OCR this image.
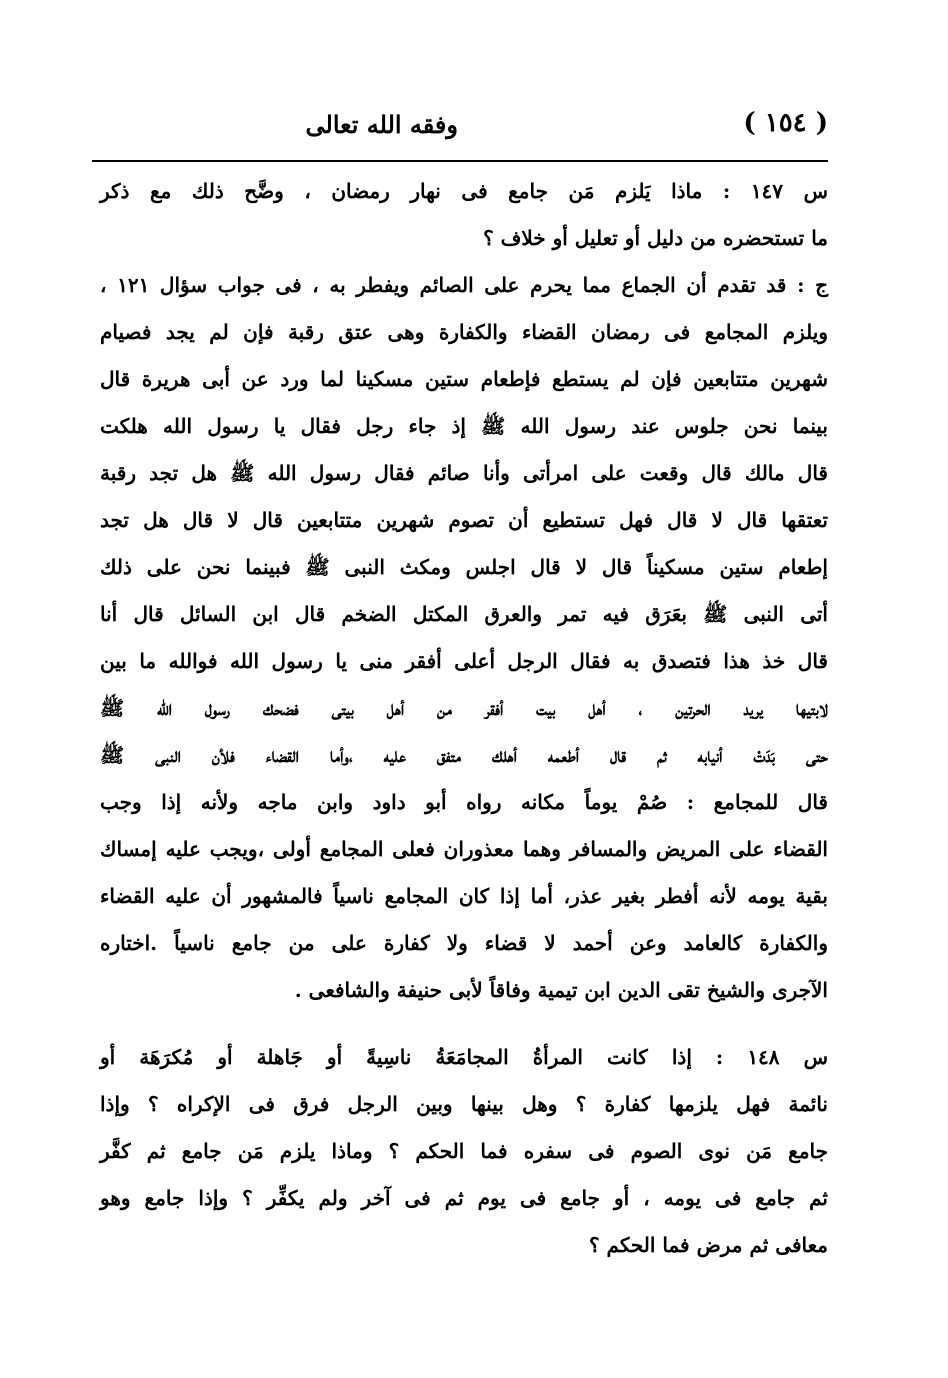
( ١٥٤ )
وفقه الله تعالى

س ١٤٧ : ماذا يَلزم مَن جامع فى نهار رمضان ، وضَّح ذلك مع ذكر
ما تستحضره من دليل أو تعليل أو خلاف ؟

ج : قد تقدم أن الجماع مما يحرم على الصائم ويفطر به ، فى جواب سؤال ١٢١ ،
ويلزم المجامع فى رمضان القضاء والكفارة وهى عتق رقبة فإن لم يجد فصيام
شهرين متتابعين فإن لم يستطع فإطعام ستين مسكينا لما ورد عن أبى هريرة قال
بينما نحن جلوس عند رسول الله ﷺ إذ جاء رجل فقال يا رسول الله هلكت
قال مالك قال وقعت على امرأتى وأنا صائم فقال رسول الله ﷺ هل تجد رقبة
تعتقها قال لا قال فهل تستطيع أن تصوم شهرين متتابعين قال لا قال هل تجد
إطعام ستين مسكيناً قال لا قال اجلس ومكث النبى ﷺ فبينما نحن على ذلك
أتى النبى ﷺ بعَرَق فيه تمر والعرق المكتل الضخم قال ابن السائل قال أنا
قال خذ هذا فتصدق به فقال الرجل أعلى أفقر منى يا رسول الله فوالله ما بين
لابتيها يريد الحرتين ، أهل بيت أفقر من أهل بيتى فضحك رسول الله ﷺ
حتى بَدَتْ أنيابه ثم قال أطعمه أهلك متفق عليه ،وأما القضاء فلأن النبى ﷺ
قال للمجامع : صُمْ يوماً مكانه رواه أبو داود وابن ماجه ولأنه إذا وجب
القضاء على المريض والمسافر وهما معذوران فعلى المجامع أولى ،ويجب عليه إمساك
بقية يومه لأنه أفطر بغير عذر، أما إذا كان المجامع ناسياً فالمشهور أن عليه القضاء
والكفارة كالعامد وعن أحمد لا قضاء ولا كفارة على من جامع ناسياً .اختاره
الآجرى والشيخ تقى الدين ابن تيمية وفاقاً لأبى حنيفة والشافعى .

س ١٤٨ : إذا كانت المرأةُ المجامَعَةُ ناسِيةً أو جَاهلة أو مُكرَهَة أو
نائمة فهل يلزمها كفارة ؟ وهل بينها وبين الرجل فرق فى الإكراه ؟ وإذا
جامع مَن نوى الصوم فى سفره فما الحكم ؟ وماذا يلزم مَن جامع ثم كفَّر
ثم جامع فى يومه ، أو جامع فى يوم ثم فى آخر ولم يكفِّر ؟ وإذا جامع وهو
معافى ثم مرض فما الحكم ؟
